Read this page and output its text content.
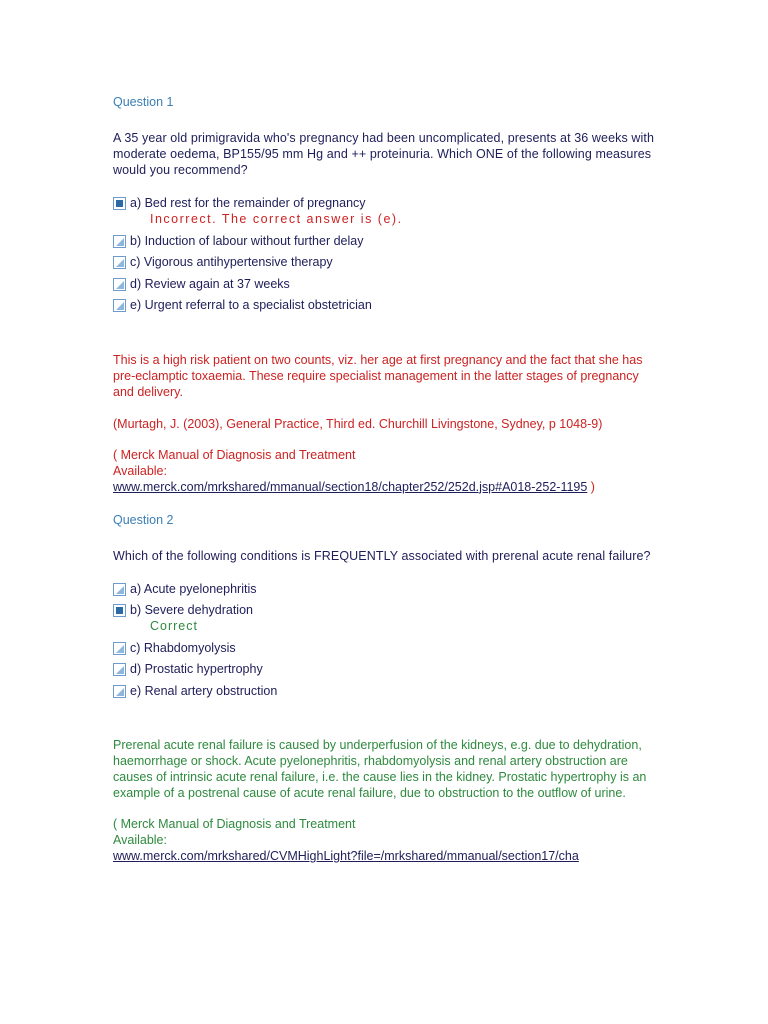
Question 1

A 35 year old primigravida who's pregnancy had been uncomplicated, presents at 36 weeks with moderate oedema, BP155/95 mm Hg and ++ proteinuria. Which ONE of the following measures would you recommend?

a) Bed rest for the remainder of pregnancy
Incorrect. The correct answer is (e).
b) Induction of labour without further delay
c) Vigorous antihypertensive therapy
d) Review again at 37 weeks
e) Urgent referral to a specialist obstetrician

This is a high risk patient on two counts, viz. her age at first pregnancy and the fact that she has pre-eclamptic toxaemia. These require specialist management in the latter stages of pregnancy and delivery.

(Murtagh, J. (2003), General Practice, Third ed. Churchill Livingstone, Sydney, p 1048-9)

( Merck Manual of Diagnosis and Treatment
Available:
www.merck.com/mrkshared/mmanual/section18/chapter252/252d.jsp#A018-252-1195 )

Question 2

Which of the following conditions is FREQUENTLY associated with prerenal acute renal failure?

a) Acute pyelonephritis
b) Severe dehydration
Correct
c) Rhabdomyolysis
d) Prostatic hypertrophy
e) Renal artery obstruction

Prerenal acute renal failure is caused by underperfusion of the kidneys, e.g. due to dehydration, haemorrhage or shock. Acute pyelonephritis, rhabdomyolysis and renal artery obstruction are causes of intrinsic acute renal failure, i.e. the cause lies in the kidney. Prostatic hypertrophy is an example of a postrenal cause of acute renal failure, due to obstruction to the outflow of urine.

( Merck Manual of Diagnosis and Treatment
Available:
www.merck.com/mrkshared/CVMHighLight?file=/mrkshared/mmanual/section17/cha
